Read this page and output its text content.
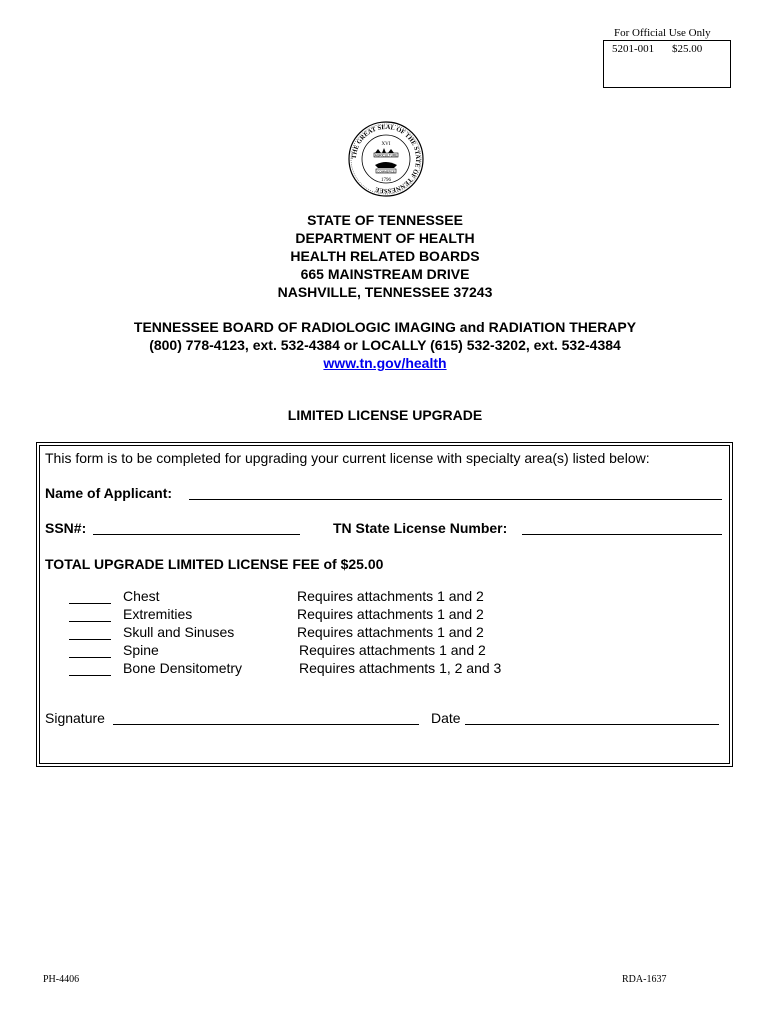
For Official Use Only
5201-001 $25.00
THE GREAT SEAL OF THE STATE OF TENNESSEE
XVI
AGRICULTURE
COMMERCE
1796
STATE OF TENNESSEE
DEPARTMENT OF HEALTH
HEALTH RELATED BOARDS
665 MAINSTREAM DRIVE
NASHVILLE, TENNESSEE 37243
TENNESSEE BOARD OF RADIOLOGIC IMAGING and RADIATION THERAPY
(800) 778-4123, ext. 532-4384 or LOCALLY (615) 532-3202, ext. 532-4384
www.tn.gov/health
LIMITED LICENSE UPGRADE
This form is to be completed for upgrading your current license with specialty area(s) listed below:
Name of Applicant:
SSN#:	TN State License Number:
TOTAL UPGRADE LIMITED LICENSE FEE of $25.00
Chest	Requires attachments 1 and 2
Extremities	Requires attachments 1 and 2
Skull and Sinuses	Requires attachments 1 and 2
Spine	Requires attachments 1 and 2
Bone Densitometry	Requires attachments 1, 2 and 3
Signature	Date
PH-4406	RDA-1637
